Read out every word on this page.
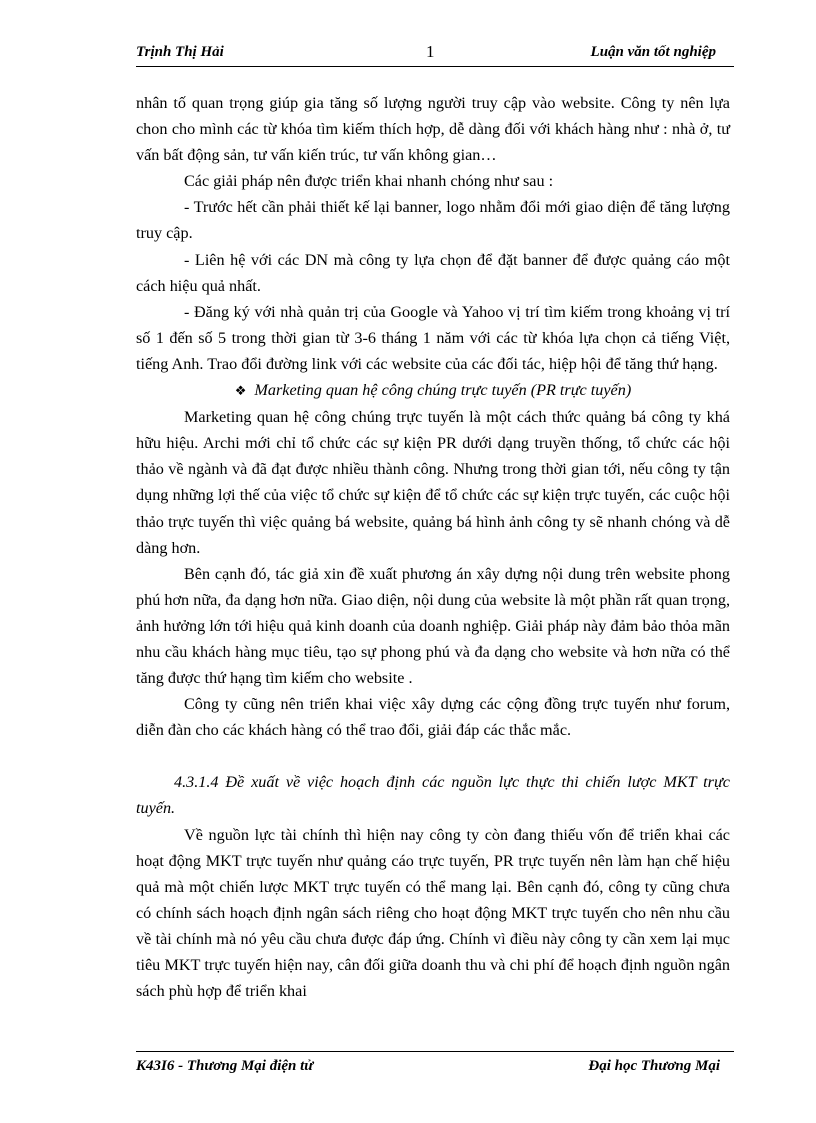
Trịnh Thị Hải	1	Luận văn tốt nghiệp

nhân tố quan trọng giúp gia tăng số lượng người truy cập vào website. Công ty nên lựa chon cho mình các từ khóa tìm kiếm thích hợp, dễ dàng đối với khách hàng như : nhà ở, tư vấn bất động sản, tư vấn kiến trúc, tư vấn không gian…

Các giải pháp nên được triển khai nhanh chóng như sau :

- Trước hết cần phải thiết kế lại banner, logo nhằm đổi mới giao diện để tăng lượng truy cập.

- Liên hệ với các DN mà công ty lựa chọn để đặt banner để được quảng cáo một cách hiệu quả nhất.

- Đăng ký với nhà quản trị của Google và Yahoo vị trí tìm kiếm trong khoảng vị trí số 1 đến số 5 trong thời gian từ 3-6 tháng 1 năm với các từ khóa lựa chọn cả tiếng Việt, tiếng Anh. Trao đổi đường link với các website của các đối tác, hiệp hội để tăng thứ hạng.

❖ Marketing quan hệ công chúng trực tuyến (PR trực tuyến)

Marketing quan hệ công chúng trực tuyến là một cách thức quảng bá công ty khá hữu hiệu. Archi mới chỉ tổ chức các sự kiện PR dưới dạng truyền thống, tổ chức các hội thảo về ngành và đã đạt được nhiều thành công. Nhưng trong thời gian tới, nếu công ty tận dụng những lợi thế của việc tổ chức sự kiện để tổ chức các sự kiện trực tuyến, các cuộc hội thảo trực tuyến thì việc quảng bá website, quảng bá hình ảnh công ty sẽ nhanh chóng và dễ dàng hơn.

Bên cạnh đó, tác giả xin đề xuất phương án xây dựng nội dung trên website phong phú hơn nữa, đa dạng hơn nữa. Giao diện, nội dung của website là một phần rất quan trọng, ảnh hưởng lớn tới hiệu quả kinh doanh của doanh nghiệp. Giải pháp này đảm bảo thỏa mãn nhu cầu khách hàng mục tiêu, tạo sự phong phú và đa dạng cho website và hơn nữa có thể tăng được thứ hạng tìm kiếm cho website .

Công ty cũng nên triển khai việc xây dựng các cộng đồng trực tuyến như forum, diễn đàn cho các khách hàng có thể trao đổi, giải đáp các thắc mắc.

4.3.1.4 Đề xuất về việc hoạch định các nguồn lực thực thi chiến lược MKT trực tuyến.

Về nguồn lực tài chính thì hiện nay công ty còn đang thiếu vốn để triển khai các hoạt động MKT trực tuyến như quảng cáo trực tuyến, PR trực tuyến nên làm hạn chế hiệu quả mà một chiến lược MKT trực tuyến có thể mang lại. Bên cạnh đó, công ty cũng chưa có chính sách hoạch định ngân sách riêng cho hoạt động MKT trực tuyến cho nên nhu cầu về tài chính mà nó yêu cầu chưa được đáp ứng. Chính vì điều này công ty cần xem lại mục tiêu MKT trực tuyến hiện nay, cân đối giữa doanh thu và chi phí để hoạch định nguồn ngân sách phù hợp để triển khai

K43I6 - Thương Mại điện tử	Đại học Thương Mại
